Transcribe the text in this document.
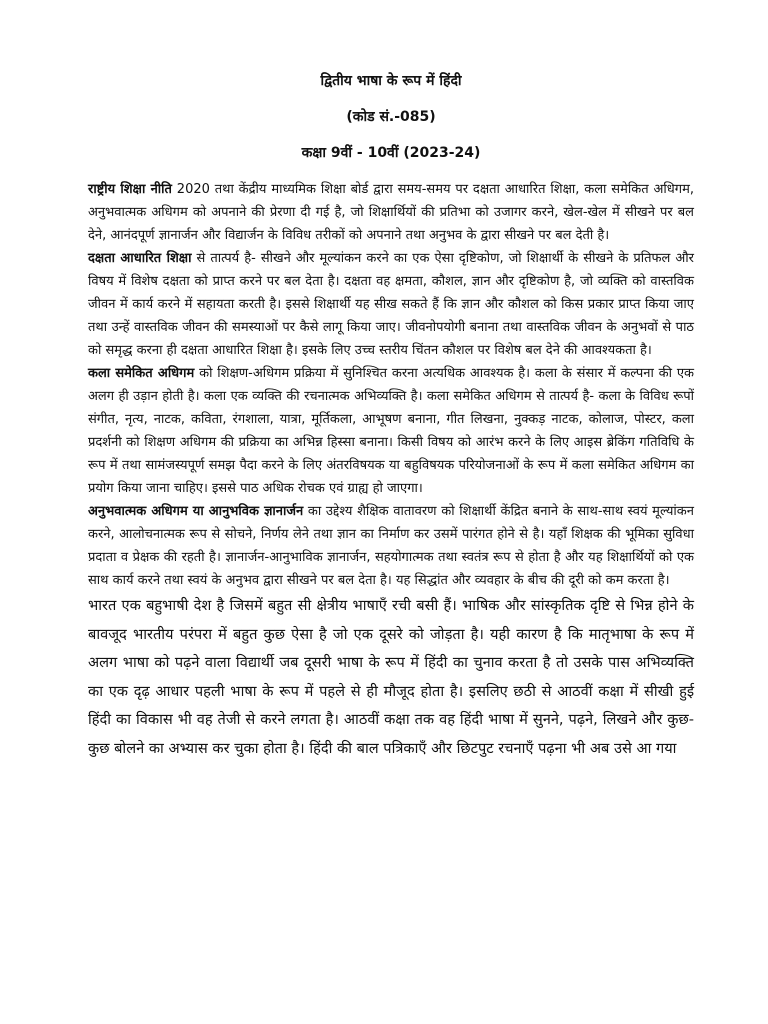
द्वितीय भाषा के रूप में हिंदी

(कोड सं.-085)

कक्षा 9वीं - 10वीं (2023-24)

राष्ट्रीय शिक्षा नीति 2020 तथा केंद्रीय माध्यमिक शिक्षा बोर्ड द्वारा समय-समय पर दक्षता आधारित शिक्षा, कला समेकित अधिगम, अनुभवात्मक अधिगम को अपनाने की प्रेरणा दी गई है, जो शिक्षार्थियों की प्रतिभा को उजागर करने, खेल-खेल में सीखने पर बल देने, आनंदपूर्ण ज्ञानार्जन और विद्यार्जन के विविध तरीकों को अपनाने तथा अनुभव के द्वारा सीखने पर बल देती है।

दक्षता आधारित शिक्षा से तात्पर्य है- सीखने और मूल्यांकन करने का एक ऐसा दृष्टिकोण, जो शिक्षार्थी के सीखने के प्रतिफल और विषय में विशेष दक्षता को प्राप्त करने पर बल देता है। दक्षता वह क्षमता, कौशल, ज्ञान और दृष्टिकोण है, जो व्यक्ति को वास्तविक जीवन में कार्य करने में सहायता करती है। इससे शिक्षार्थी यह सीख सकते हैं कि ज्ञान और कौशल को किस प्रकार प्राप्त किया जाए तथा उन्हें वास्तविक जीवन की समस्याओं पर कैसे लागू किया जाए। जीवनोपयोगी बनाना तथा वास्तविक जीवन के अनुभवों से पाठ को समृद्ध करना ही दक्षता आधारित शिक्षा है। इसके लिए उच्च स्तरीय चिंतन कौशल पर विशेष बल देने की आवश्यकता है।

कला समेकित अधिगम को शिक्षण-अधिगम प्रक्रिया में सुनिश्चित करना अत्यधिक आवश्यक है। कला के संसार में कल्पना की एक अलग ही उड़ान होती है। कला एक व्यक्ति की रचनात्मक अभिव्यक्ति है। कला समेकित अधिगम से तात्पर्य है- कला के विविध रूपों संगीत, नृत्य, नाटक, कविता, रंगशाला, यात्रा, मूर्तिकला, आभूषण बनाना, गीत लिखना, नुक्कड़ नाटक, कोलाज, पोस्टर, कला प्रदर्शनी को शिक्षण अधिगम की प्रक्रिया का अभिन्न हिस्सा बनाना। किसी विषय को आरंभ करने के लिए आइस ब्रेकिंग गतिविधि के रूप में तथा सामंजस्यपूर्ण समझ पैदा करने के लिए अंतरविषयक या बहुविषयक परियोजनाओं के रूप में कला समेकित अधिगम का प्रयोग किया जाना चाहिए। इससे पाठ अधिक रोचक एवं ग्राह्य हो जाएगा।

अनुभवात्मक अधिगम या आनुभविक ज्ञानार्जन का उद्देश्य शैक्षिक वातावरण को शिक्षार्थी केंद्रित बनाने के साथ-साथ स्वयं मूल्यांकन करने, आलोचनात्मक रूप से सोचने, निर्णय लेने तथा ज्ञान का निर्माण कर उसमें पारंगत होने से है। यहाँ शिक्षक की भूमिका सुविधा प्रदाता व प्रेक्षक की रहती है। ज्ञानार्जन-आनुभाविक ज्ञानार्जन, सहयोगात्मक तथा स्वतंत्र रूप से होता है और यह शिक्षार्थियों को एक साथ कार्य करने तथा स्वयं के अनुभव द्वारा सीखने पर बल देता है। यह सिद्धांत और व्यवहार के बीच की दूरी को कम करता है।

भारत एक बहुभाषी देश है जिसमें बहुत सी क्षेत्रीय भाषाएँ रची बसी हैं। भाषिक और सांस्कृतिक दृष्टि से भिन्न होने के बावजूद भारतीय परंपरा में बहुत कुछ ऐसा है जो एक दूसरे को जोड़ता है। यही कारण है कि मातृभाषा के रूप में अलग भाषा को पढ़ने वाला विद्यार्थी जब दूसरी भाषा के रूप में हिंदी का चुनाव करता है तो उसके पास अभिव्यक्ति का एक दृढ़ आधार पहली भाषा के रूप में पहले से ही मौजूद होता है। इसलिए छठी से आठवीं कक्षा में सीखी हुई हिंदी का विकास भी वह तेजी से करने लगता है। आठवीं कक्षा तक वह हिंदी भाषा में सुनने, पढ़ने, लिखने और कुछ-कुछ बोलने का अभ्यास कर चुका होता है। हिंदी की बाल पत्रिकाएँ और छिटपुट रचनाएँ पढ़ना भी अब उसे आ गया
